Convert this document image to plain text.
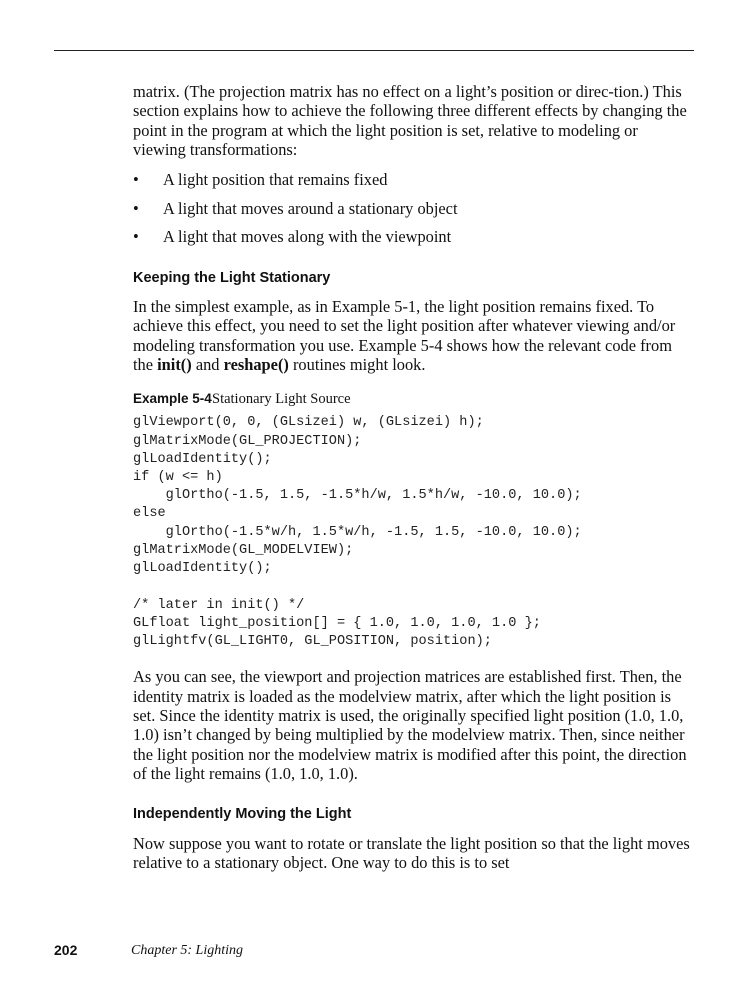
matrix. (The projection matrix has no effect on a light’s position or direc-tion.) This section explains how to achieve the following three different effects by changing the point in the program at which the light position is set, relative to modeling or viewing transformations:

• A light position that remains fixed
• A light that moves around a stationary object
• A light that moves along with the viewpoint
Keeping the Light Stationary

In the simplest example, as in Example 5-1, the light position remains fixed. To achieve this effect, you need to set the light position after whatever viewing and/or modeling transformation you use. Example 5-4 shows how the relevant code from the init() and reshape() routines might look.

Example 5-4 Stationary Light Source
glViewport(0, 0, (GLsizei) w, (GLsizei) h);
glMatrixMode(GL_PROJECTION);
glLoadIdentity();
if (w <= h)
glOrtho(-1.5, 1.5, -1.5*h/w, 1.5*h/w, -10.0, 10.0);
else
glOrtho(-1.5*w/h, 1.5*w/h, -1.5, 1.5, -10.0, 10.0);
glMatrixMode(GL_MODELVIEW);
glLoadIdentity();

/* later in init() */
GLfloat light_position[] = { 1.0, 1.0, 1.0, 1.0 };
glLightfv(GL_LIGHT0, GL_POSITION, position);

As you can see, the viewport and projection matrices are established first. Then, the identity matrix is loaded as the modelview matrix, after which the light position is set. Since the identity matrix is used, the originally specified light position (1.0, 1.0, 1.0) isn’t changed by being multiplied by the modelview matrix. Then, since neither the light position nor the modelview matrix is modified after this point, the direction of the light remains (1.0, 1.0, 1.0).

Independently Moving the Light

Now suppose you want to rotate or translate the light position so that the light moves relative to a stationary object. One way to do this is to set

202	Chapter 5: Lighting
